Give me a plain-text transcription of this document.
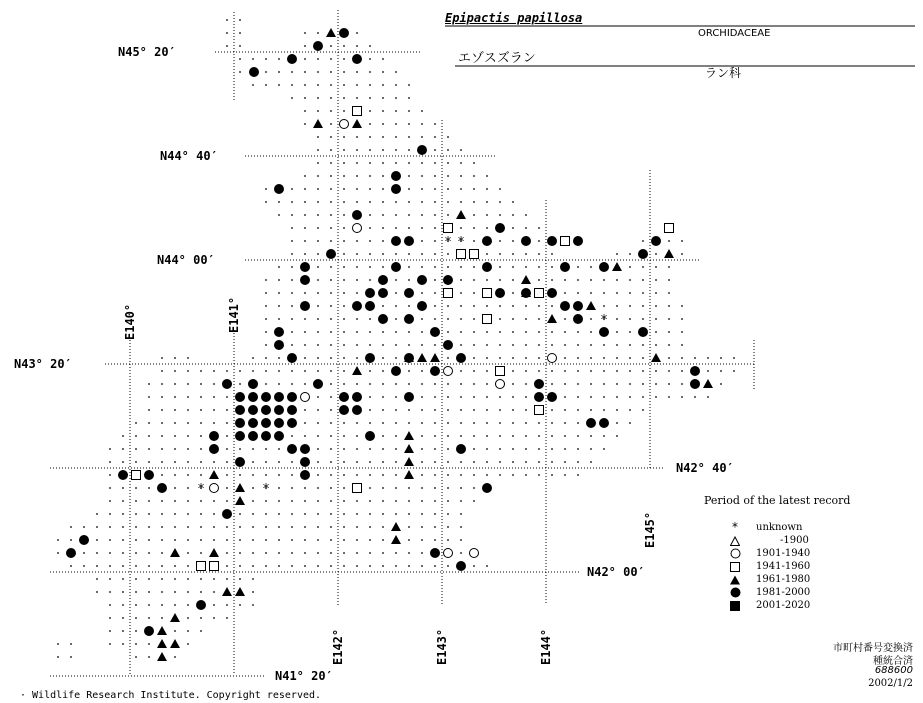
* *
*
*	*
N45° 20′
N44° 40′
N44° 00′
N43° 20′
N42° 40′
N42° 00′
N41° 20′
E140°	E141°
E142°	E143°	E144°
E145°
Epipactis papillosa
ORCHIDACEAE
エゾスズラン
ラン科
Period of the latest record
*	unknown
-1900
1901-1940
1941-1960
1961-1980
1981-2000
2001-2020
市町村番号変換済
種統合済
688600
2002/1/2
· Wildlife Research Institute. Copyright reserved.
